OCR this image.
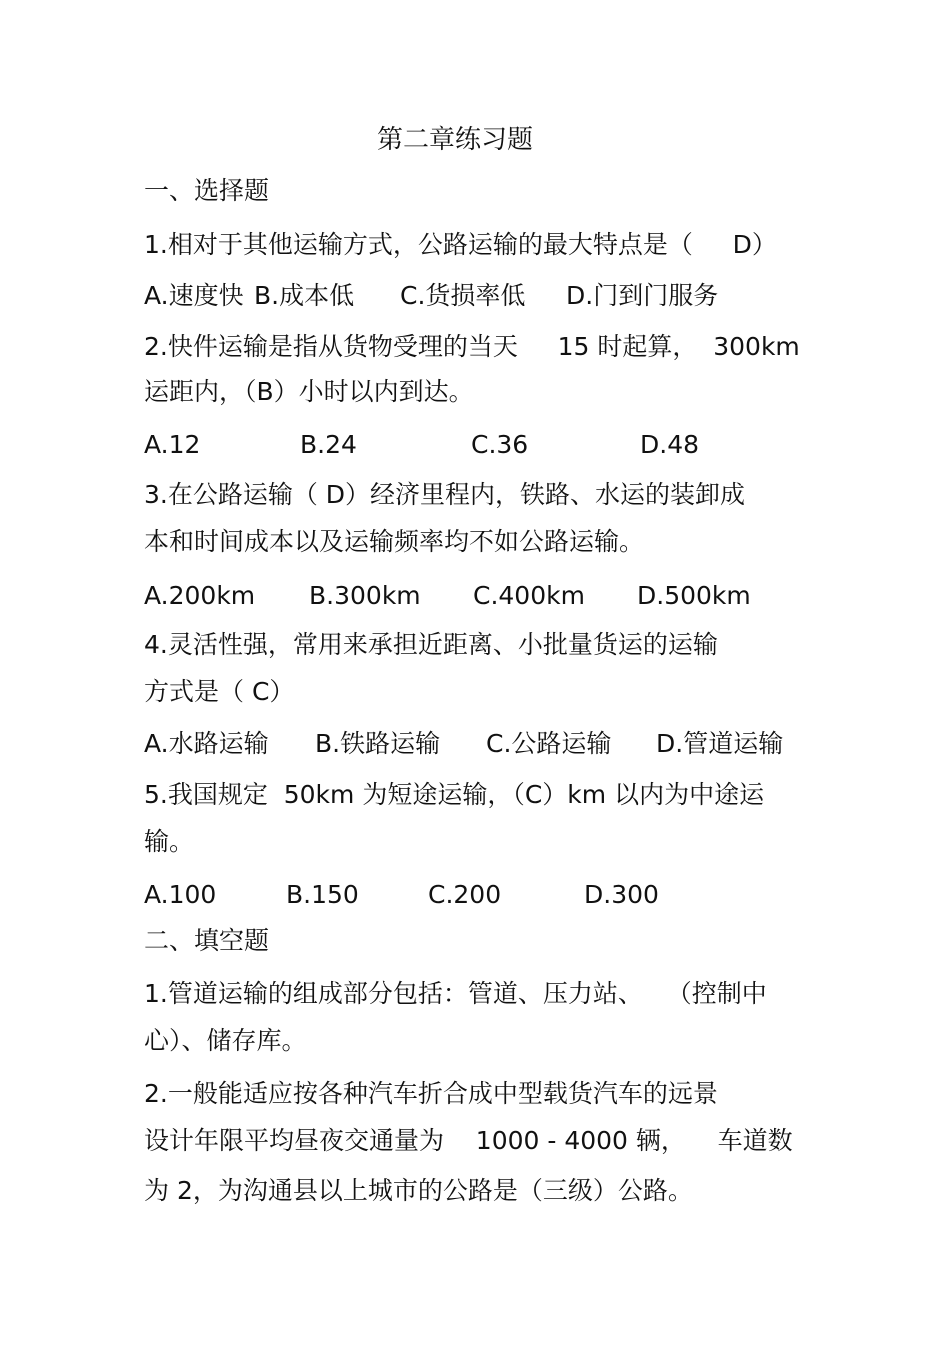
第二章练习题
一、选择题
1.相对于其他运输方式，公路运输的最大特点是（     D）
A.速度快 B.成本低	C.货损率低	D.门到门服务
2.快件运输是指从货物受理的当天     15 时起算，  300km
运距内，（B）小时以内到达。
A.12	B.24	C.36	D.48
3.在公路运输（ D）经济里程内，铁路、水运的装卸成
本和时间成本以及运输频率均不如公路运输。
A.200km	B.300km	C.400km	D.500km
4.灵活性强，常用来承担近距离、小批量货运的运输
方式是（ C）
A.水路运输	B.铁路运输	C.公路运输	D.管道运输
5.我国规定  50km 为短途运输，（C）km 以内为中途运
输。
A.100	B.150	C.200	D.300
二、填空题
1.管道运输的组成部分包括：管道、压力站、   （控制中
心）、储存库。
2.一般能适应按各种汽车折合成中型载货汽车的远景
设计年限平均昼夜交通量为    1000 - 4000 辆，    车道数
为 2，为沟通县以上城市的公路是（三级）公路。
